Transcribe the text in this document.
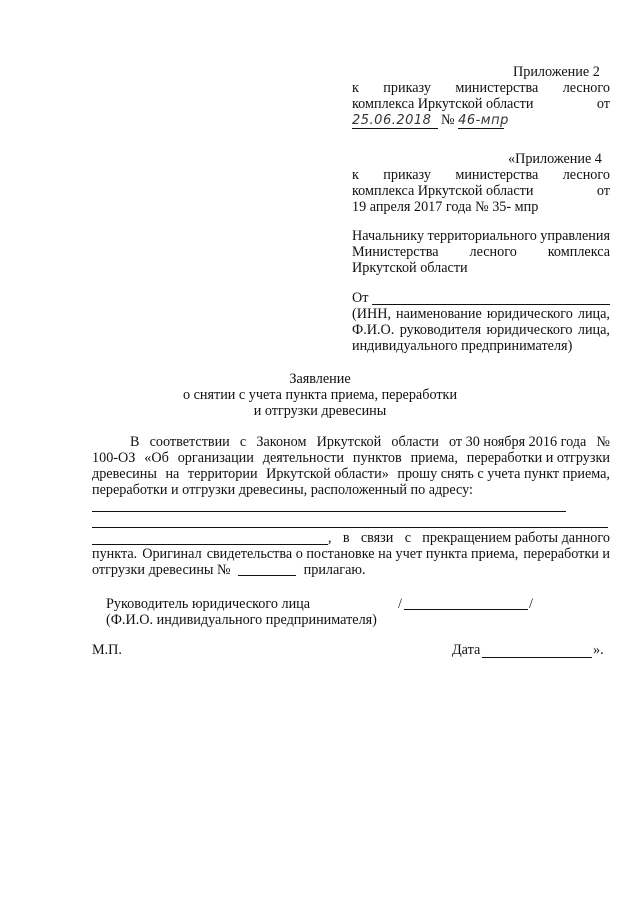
Приложение 2
к приказу министерства лесного
комплекса Иркутской области	от
25.06.2018 № 46-мпр
«Приложение 4
к приказу министерства лесного
комплекса Иркутской области	от
19 апреля 2017 года № 35- мпр
Начальнику территориального управления
Министерства лесного комплекса
Иркутской области
От
(ИНН, наименование юридического лица,
Ф.И.О. руководителя юридического лица,
индивидуального предпринимателя)
Заявление
о снятии с учета пункта приема, переработки
и отгрузки древесины
В соответствии с Законом Иркутской области от 30 ноября 2016 года №
100-ОЗ «Об организации деятельности пунктов приема, переработки и отгрузки
древесины на территории Иркутской области» прошу снять с учета пункт приема,
переработки и отгрузки древесины, расположенный по адресу:
, в связи с прекращением работы данного
пункта. Оригинал свидетельства о постановке на учет пункта приема, переработки и
отгрузки древесины №	прилагаю.
Руководитель юридического лица
(Ф.И.О. индивидуального предпринимателя)
/	/
М.П.	Дата	».
